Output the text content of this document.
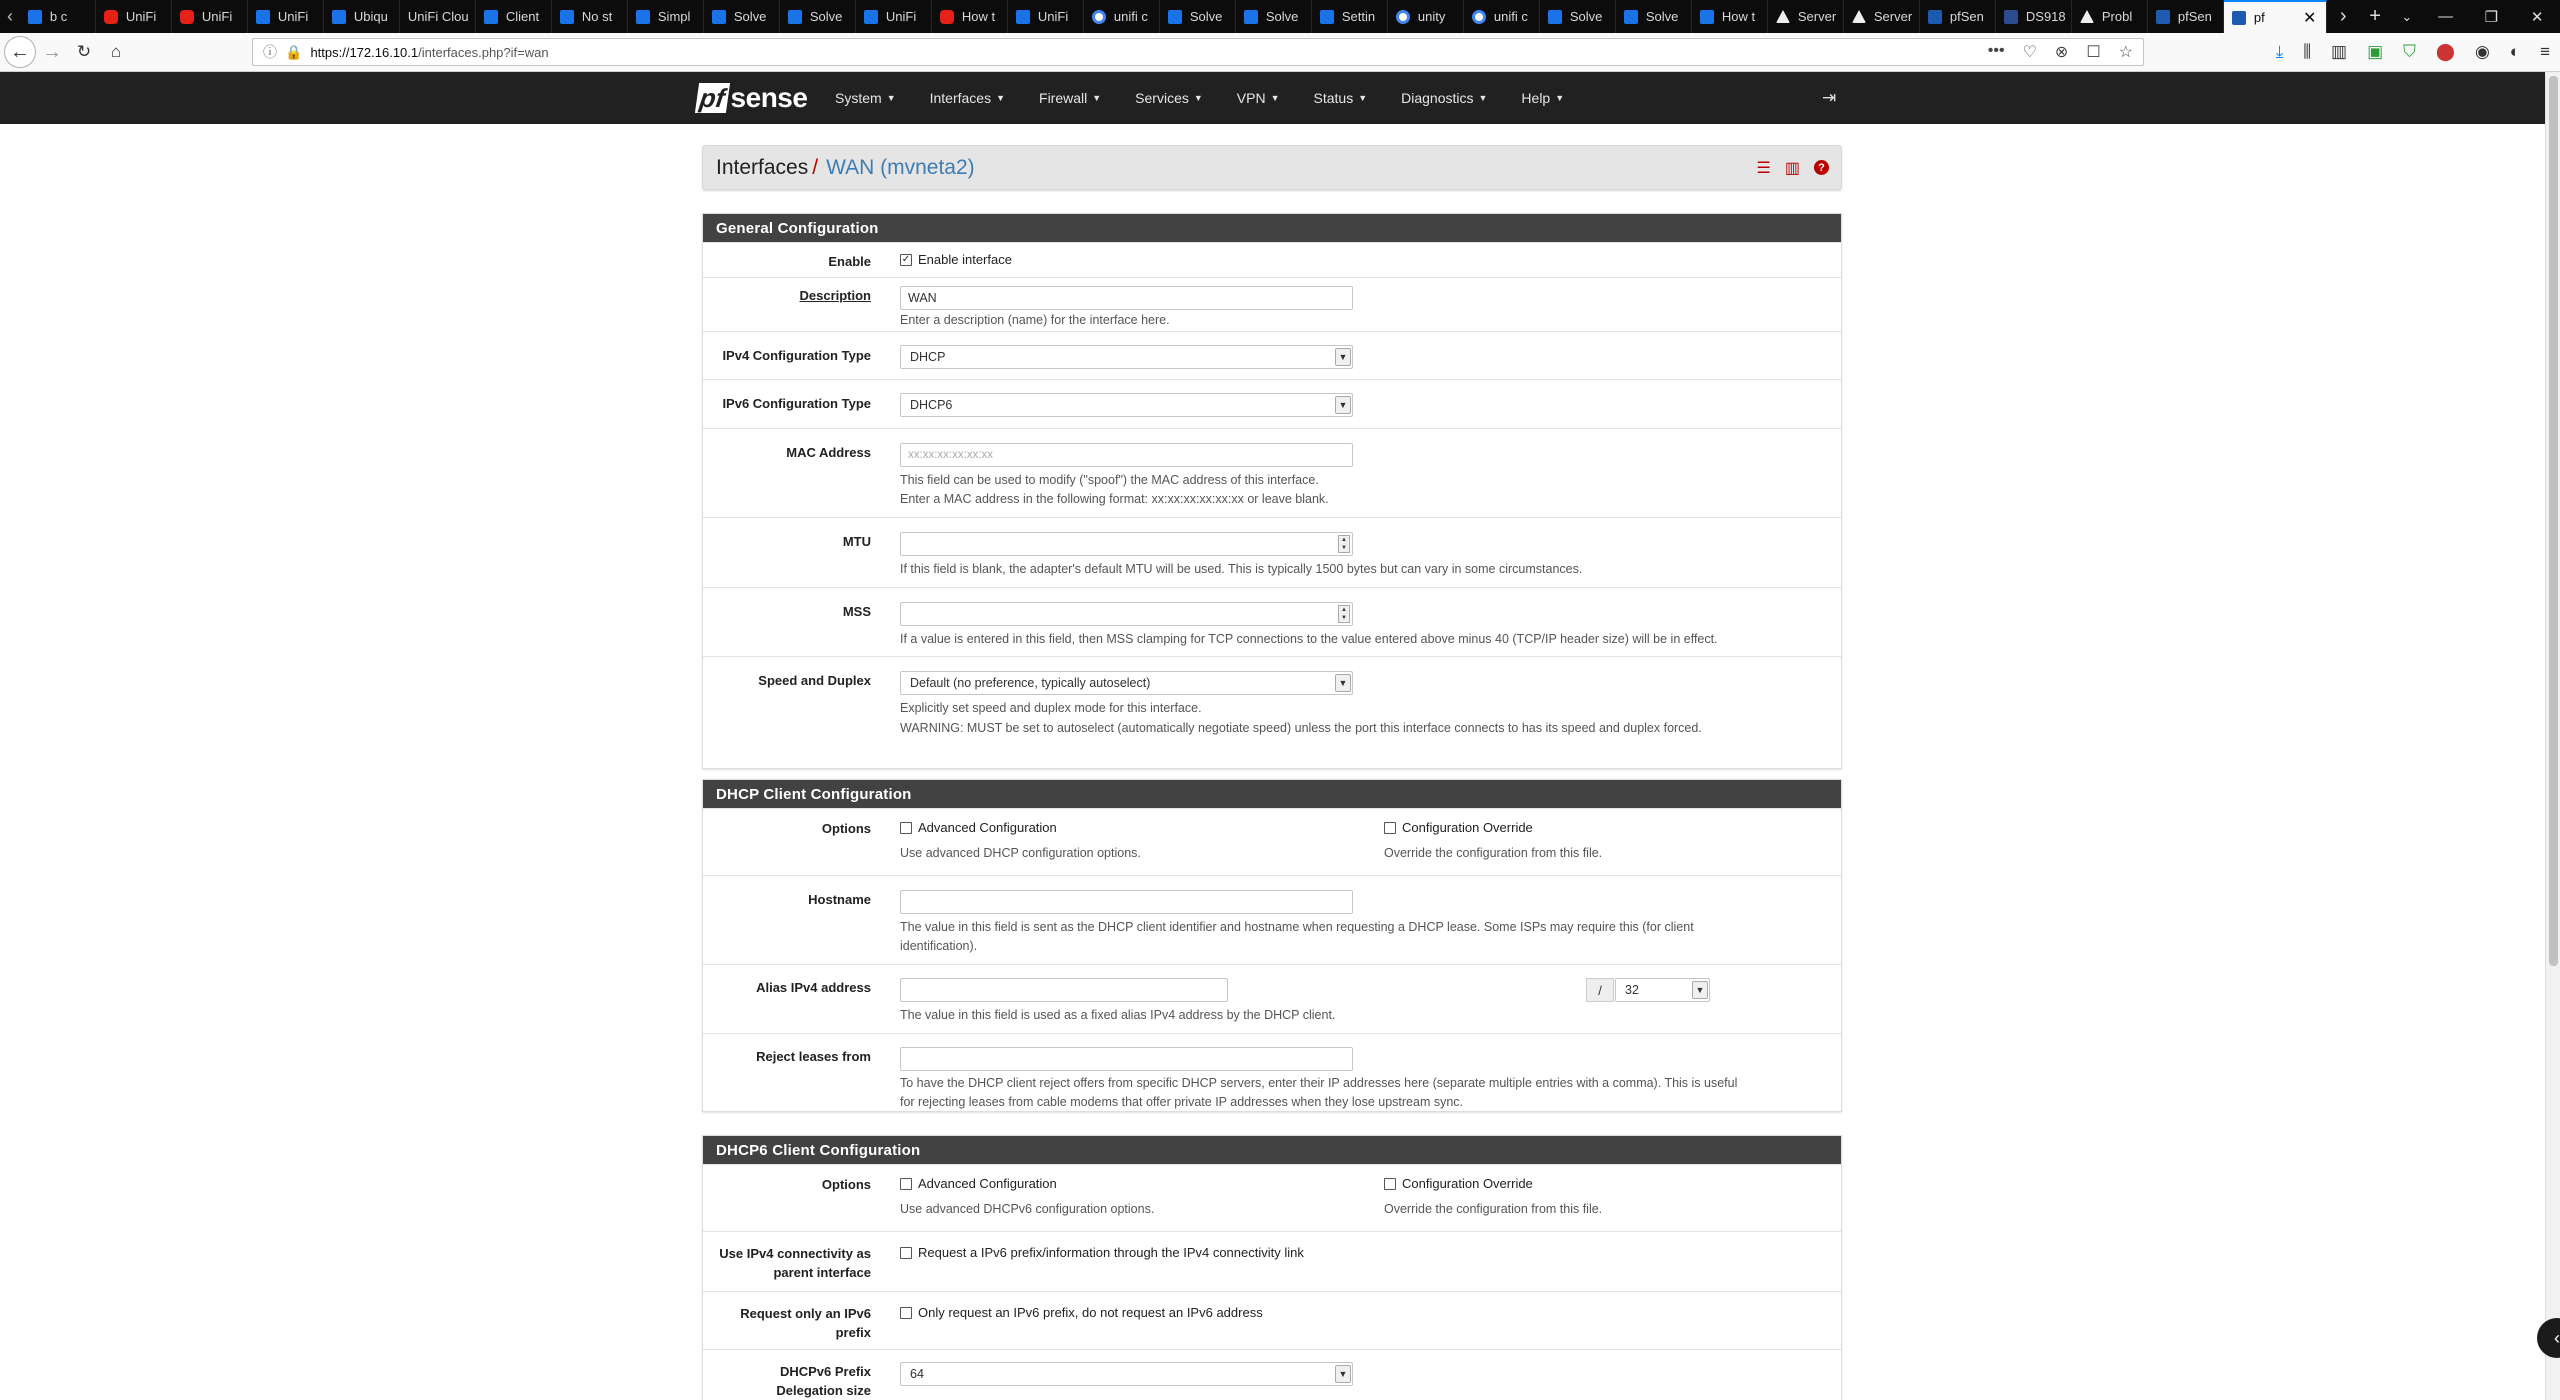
‹	b c	UniFi	UniFi	UniFi	Ubiqu UniFi Clou	Client	No st	Simpl	Solve	Solve	UniFi	How t	UniFi	unifi c	Solve	Solve	Settin	unity	unifi c	Solve	Solve	How t	Server	Server	pfSen	DS918	Probl	pfSen	pf ✕	›	+	⌄	—	❐	✕
← → ↻	⌂	ⓘ 🔒 https://172.16.10.1 /interfaces.php?if=wan	••• ♡ ⊗ ☐ ☆	⤓ ⫼ ▥ ▣ ⛉ ⬤ ◉ ◐ ≡
pf sense System ▼ Interfaces ▼ Firewall ▼ Services ▼ VPN ▼ Status ▼ Diagnostics ▼ Help ▼	⇥
Interfaces / WAN (mvneta2)	☰ ▥	?
General Configuration
Enable	✓ Enable interface
Description	WAN
Enter a description (name) for the interface here.
IPv4 Configuration Type	DHCP	▼
IPv6 Configuration Type	DHCP6	▼
MAC Address	xx:xx:xx:xx:xx:xx
This field can be used to modify ("spoof") the MAC address of this interface.
Enter a MAC address in the following format: xx:xx:xx:xx:xx:xx or leave blank.
MTU	▲
▼
If this field is blank, the adapter's default MTU will be used. This is typically 1500 bytes but can vary in some circumstances.
MSS	▲
▼
If a value is entered in this field, then MSS clamping for TCP connections to the value entered above minus 40 (TCP/IP header size) will be in effect.
Speed and Duplex	Default (no preference, typically autoselect)	▼
Explicitly set speed and duplex mode for this interface.
WARNING: MUST be set to autoselect (automatically negotiate speed) unless the port this interface connects to has its speed and duplex forced.
DHCP Client Configuration
Options	Advanced Configuration
Use advanced DHCP configuration options.
Configuration Override
Override the configuration from this file.
Hostname
The value in this field is sent as the DHCP client identifier and hostname when requesting a DHCP lease. Some ISPs may require this (for client
identification).
Alias IPv4 address	/	32	▼
The value in this field is used as a fixed alias IPv4 address by the DHCP client.
Reject leases from
To have the DHCP client reject offers from specific DHCP servers, enter their IP addresses here (separate multiple entries with a comma). This is useful
for rejecting leases from cable modems that offer private IP addresses when they lose upstream sync.
DHCP6 Client Configuration
Options	Advanced Configuration
Use advanced DHCPv6 configuration options.
Configuration Override
Override the configuration from this file.
Use IPv4 connectivity as
parent interface
Request a IPv6 prefix/information through the IPv4 connectivity link
Request only an IPv6
prefix
Only request an IPv6 prefix, do not request an IPv6 address
DHCPv6 Prefix
Delegation size
64	▼
‹
